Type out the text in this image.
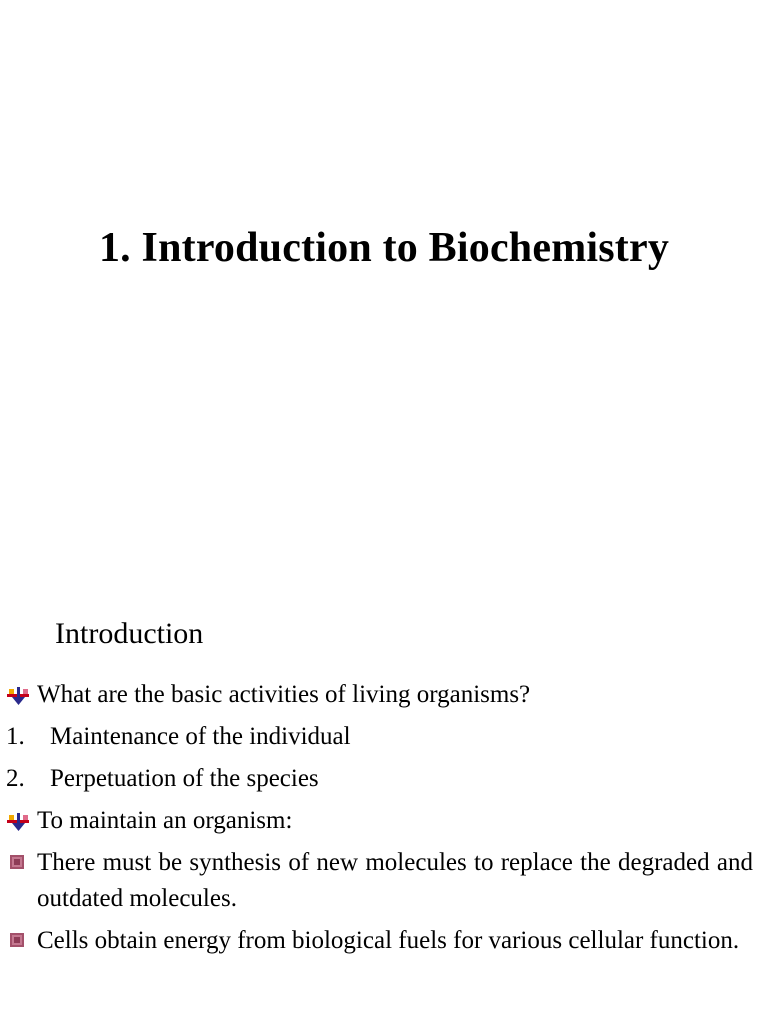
1. Introduction to Biochemistry
Introduction
What are the basic activities of living organisms?
1. Maintenance of the individual
2. Perpetuation of the species
To maintain an organism:
There must be synthesis of new molecules to replace the degraded and outdated molecules.
Cells obtain energy from biological fuels for various cellular function.
